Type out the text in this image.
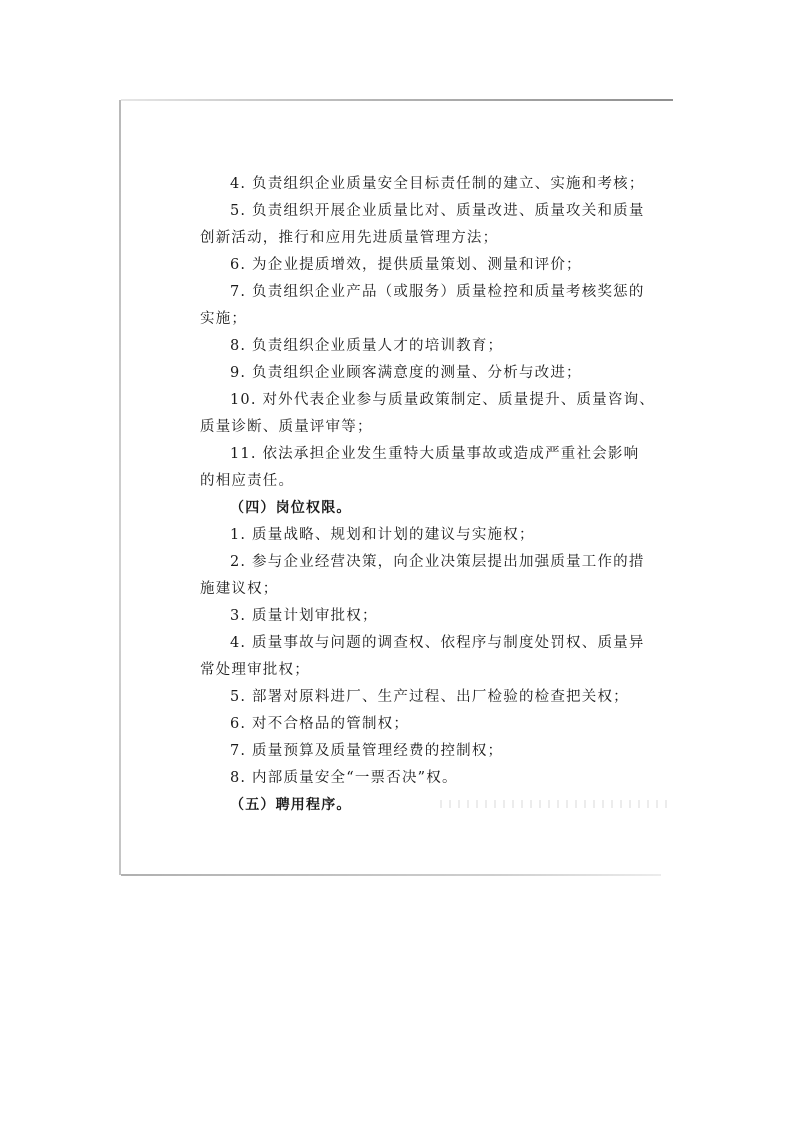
4. 负责组织企业质量安全目标责任制的建立、实施和考核；
5. 负责组织开展企业质量比对、质量改进、质量攻关和质量
创新活动，推行和应用先进质量管理方法；
6. 为企业提质增效，提供质量策划、测量和评价；
7. 负责组织企业产品（或服务）质量检控和质量考核奖惩的
实施；
8. 负责组织企业质量人才的培训教育；
9. 负责组织企业顾客满意度的测量、分析与改进；
10. 对外代表企业参与质量政策制定、质量提升、质量咨询、
质量诊断、质量评审等；
11. 依法承担企业发生重特大质量事故或造成严重社会影响
的相应责任。
（四）岗位权限。
1. 质量战略、规划和计划的建议与实施权；
2. 参与企业经营决策，向企业决策层提出加强质量工作的措
施建议权；
3. 质量计划审批权；
4. 质量事故与问题的调查权、依程序与制度处罚权、质量异
常处理审批权；
5. 部署对原料进厂、生产过程、出厂检验的检查把关权；
6. 对不合格品的管制权；
7. 质量预算及质量管理经费的控制权；
8. 内部质量安全“一票否决”权。
（五）聘用程序。
